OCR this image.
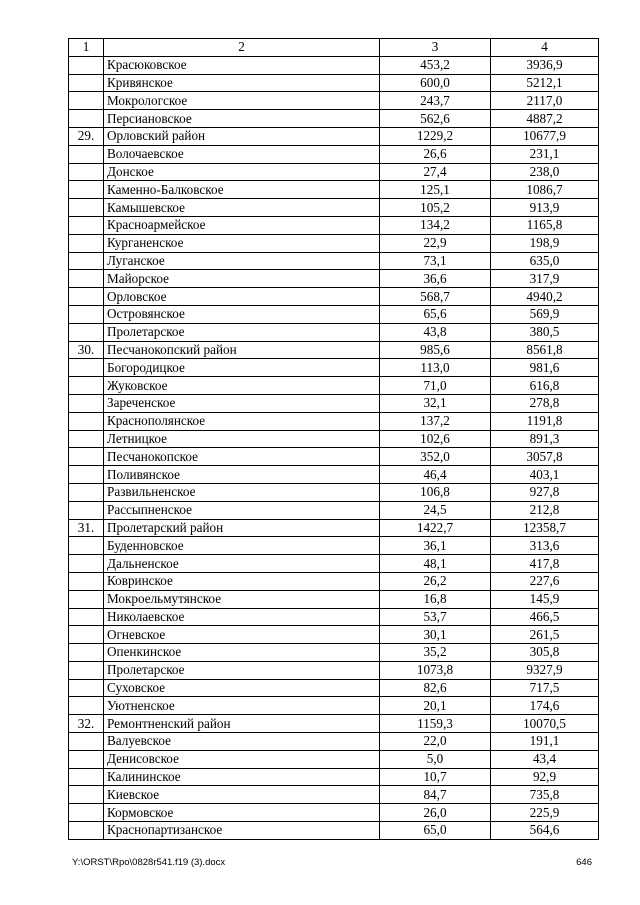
1	2	3	4
	Красюковское	453,2	3936,9
	Кривянское	600,0	5212,1
	Мокрологское	243,7	2117,0
	Персиановское	562,6	4887,2
29.	Орловский район	1229,2	10677,9
	Волочаевское	26,6	231,1
	Донское	27,4	238,0
	Каменно-Балковское	125,1	1086,7
	Камышевское	105,2	913,9
	Красноармейское	134,2	1165,8
	Курганенское	22,9	198,9
	Луганское	73,1	635,0
	Майорское	36,6	317,9
	Орловское	568,7	4940,2
	Островянское	65,6	569,9
	Пролетарское	43,8	380,5
30.	Песчанокопский район	985,6	8561,8
	Богородицкое	113,0	981,6
	Жуковское	71,0	616,8
	Зареченское	32,1	278,8
	Краснополянское	137,2	1191,8
	Летницкое	102,6	891,3
	Песчанокопское	352,0	3057,8
	Поливянское	46,4	403,1
	Развильненское	106,8	927,8
	Рассыпненское	24,5	212,8
31.	Пролетарский район	1422,7	12358,7
	Буденновское	36,1	313,6
	Дальненское	48,1	417,8
	Ковринское	26,2	227,6
	Мокроельмутянское	16,8	145,9
	Николаевское	53,7	466,5
	Огневское	30,1	261,5
	Опенкинское	35,2	305,8
	Пролетарское	1073,8	9327,9
	Суховское	82,6	717,5
	Уютненское	20,1	174,6
32.	Ремонтненский район	1159,3	10070,5
	Валуевское	22,0	191,1
	Денисовское	5,0	43,4
	Калининское	10,7	92,9
	Киевское	84,7	735,8
	Кормовское	26,0	225,9
	Краснопартизанское	65,0	564,6
Y:\ORST\Rpo\0828r541.f19 (3).docx	646
